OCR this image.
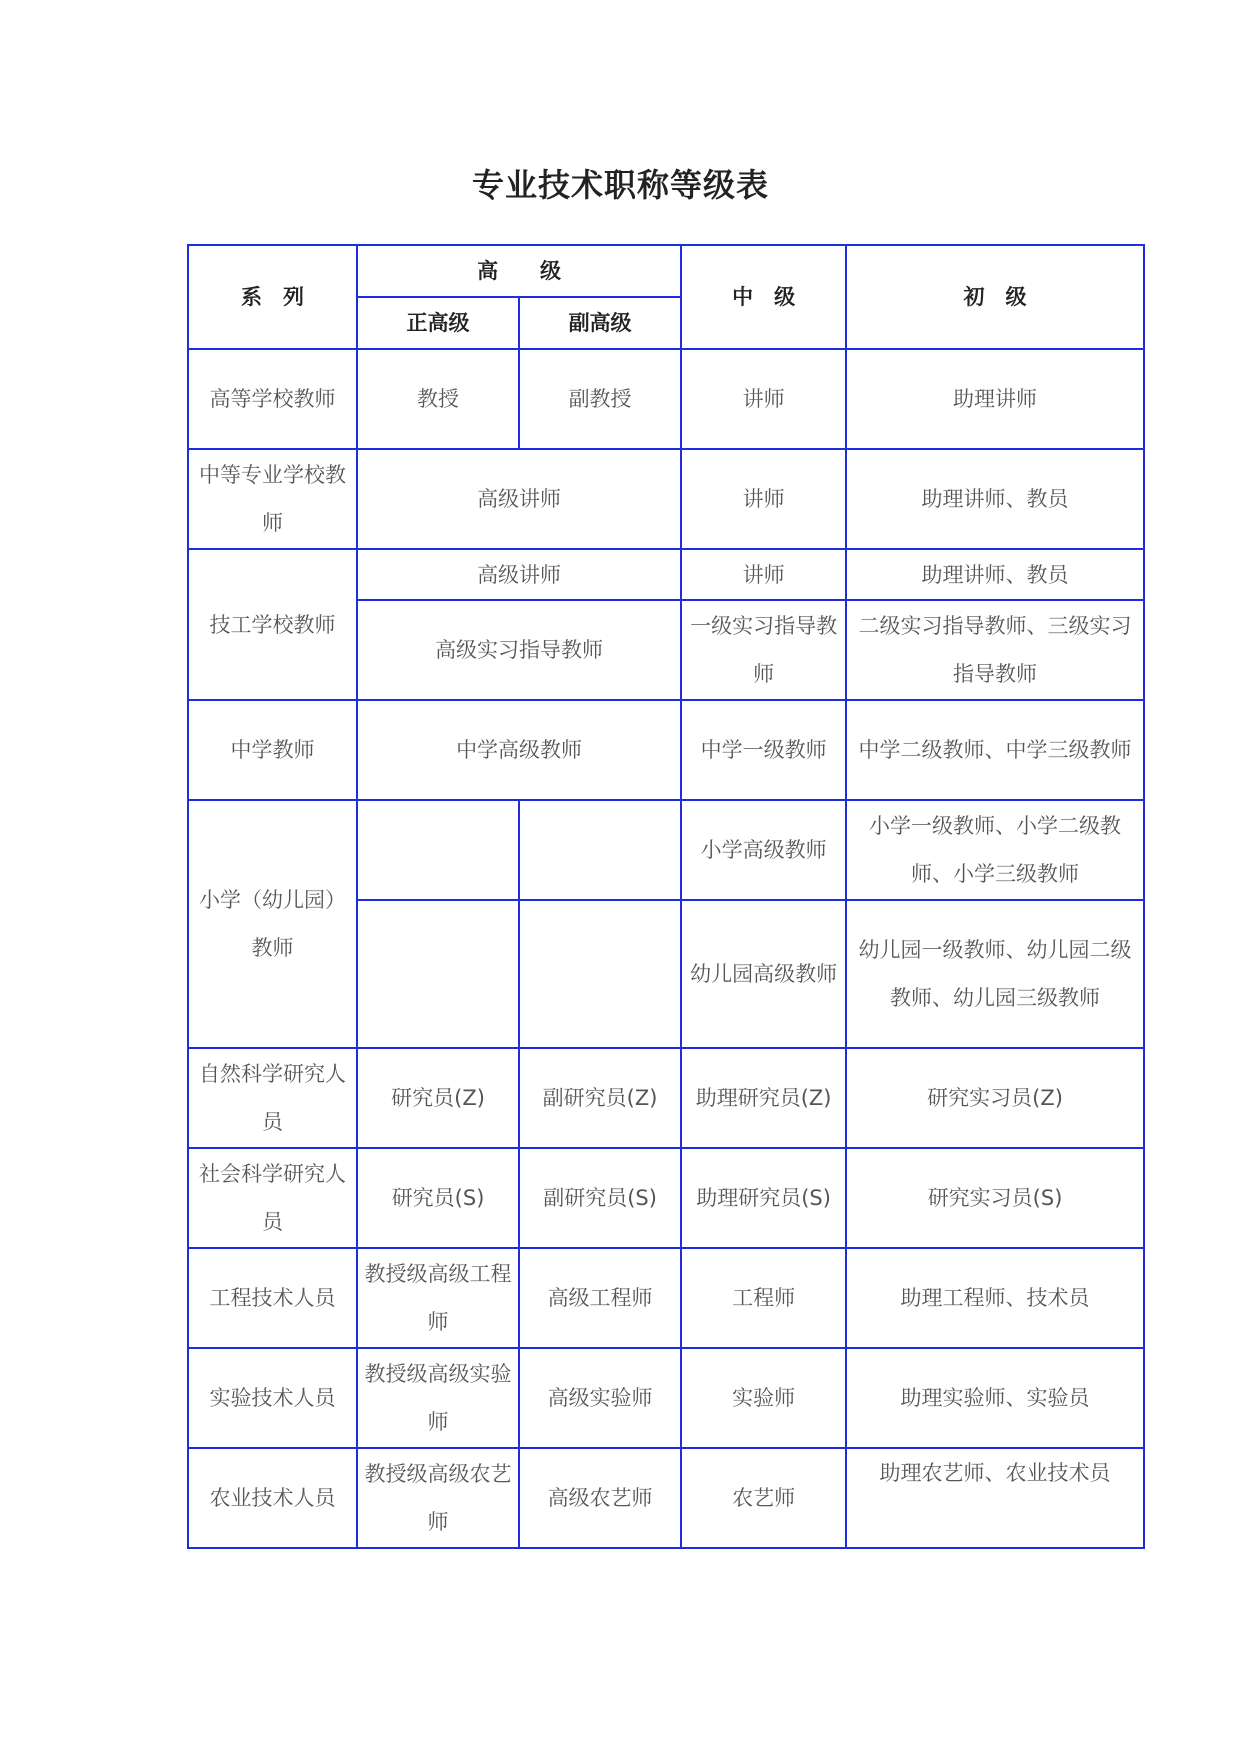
专业技术职称等级表
系　列	高　　级		中　级	初　级
	正高级	副高级		
高等学校教师	教授	副教授	讲师	助理讲师
中等专业学校教师	高级讲师		讲师	助理讲师、教员
技工学校教师	高级讲师		讲师	助理讲师、教员
	高级实习指导教师		一级实习指导教师	二级实习指导教师、三级实习指导教师
中学教师	中学高级教师		中学一级教师	中学二级教师、中学三级教师
小学（幼儿园）教师			小学高级教师	小学一级教师、小学二级教师、小学三级教师
			幼儿园高级教师	幼儿园一级教师、幼儿园二级教师、幼儿园三级教师
自然科学研究人员	研究员(Z)	副研究员(Z)	助理研究员(Z)	研究实习员(Z)
社会科学研究人员	研究员(S)	副研究员(S)	助理研究员(S)	研究实习员(S)
工程技术人员	教授级高级工程师	高级工程师	工程师	助理工程师、技术员
实验技术人员	教授级高级实验师	高级实验师	实验师	助理实验师、实验员
农业技术人员	教授级高级农艺师	高级农艺师	农艺师	助理农艺师、农业技术员
